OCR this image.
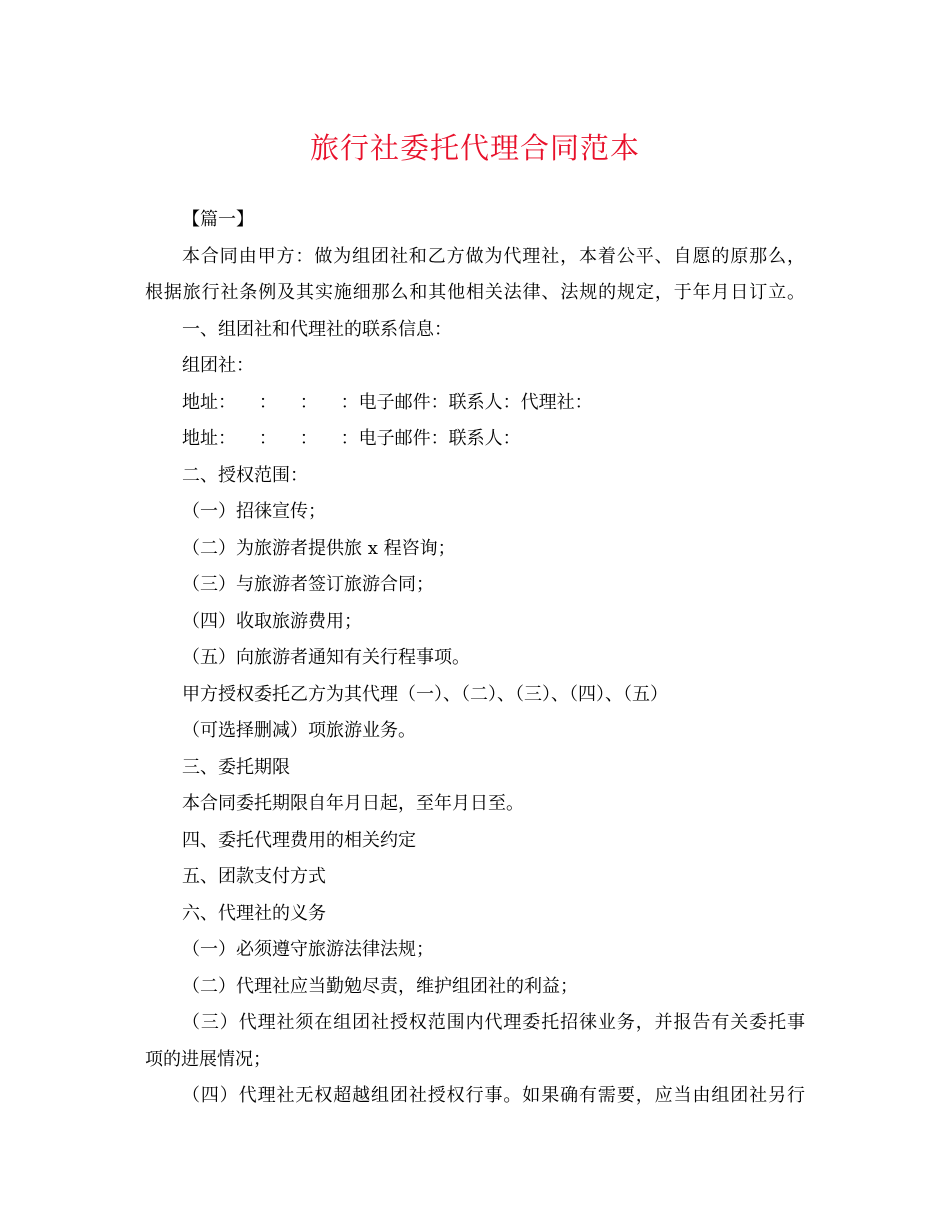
旅行社委托代理合同范本
【篇一】
本合同由甲方：做为组团社和乙方做为代理社，本着公平、自愿的原那么，
根据旅行社条例及其实施细那么和其他相关法律、法规的规定，于年月日订立。
一、组团社和代理社的联系信息：
组团社：
地址：    ：    ：    ：电子邮件：联系人：代理社：
地址：    ：    ：    ：电子邮件：联系人：
二、授权范围：
（一）招徕宣传；
（二）为旅游者提供旅 x 程咨询；
（三）与旅游者签订旅游合同；
（四）收取旅游费用；
（五）向旅游者通知有关行程事项。
甲方授权委托乙方为其代理（一）、（二）、（三）、（四）、（五）
（可选择删减）项旅游业务。
三、委托期限
本合同委托期限自年月日起，至年月日至。
四、委托代理费用的相关约定
五、团款支付方式
六、代理社的义务
（一）必须遵守旅游法律法规；
（二）代理社应当勤勉尽责，维护组团社的利益；
（三）代理社须在组团社授权范围内代理委托招徕业务，并报告有关委托事
项的进展情况；
（四）代理社无权超越组团社授权行事。如果确有需要，应当由组团社另行
